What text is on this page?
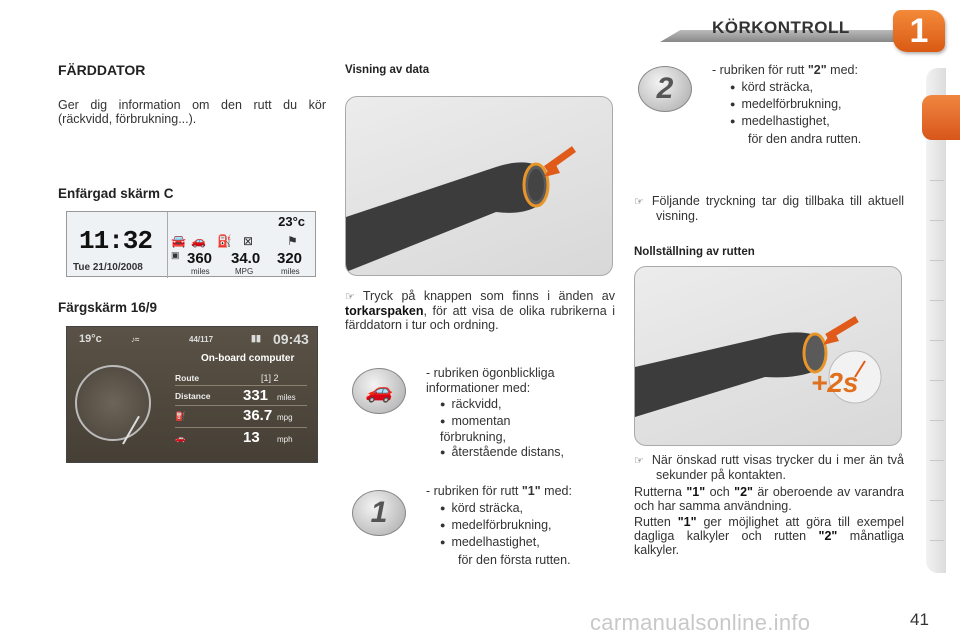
KÖRKONTROLL	1
FÄRDDATOR
Ger dig information om den rutt du kör (räckvidd, förbrukning...).
Enfärgad skärm C
11:32
Tue 21/10/2008
23°c
🚘 🚗 ⛽ ⊠	⚑
▣ 360 34.0 320
miles	MPG	miles
Färgskärm 16/9
19°c	♪≈	44/117	▮▮ 09:43
On-board computer
Route	[1] 2
Distance 331 miles
⛽	36.7 mpg
🚗	13 mph
Visning av data
☞ Tryck på knappen som finns i änden av torkarspaken, för att visa de olika rubrikerna i färddatorn i tur och ordning.
🚗
- rubriken ögonblickliga informationer med:
● räckvidd,
● momentan förbrukning,
● återstående distans,
1
- rubriken för rutt "1" med:
● körd sträcka,
● medelförbrukning,
● medelhastighet,
för den första rutten.
2
- rubriken för rutt "2" med:
● körd sträcka,
● medelförbrukning,
● medelhastighet,
för den andra rutten.
☞ Följande tryckning tar dig tillbaka till aktuell visning.
Nollställning av rutten
+2s
☞ När önskad rutt visas trycker du i mer än två sekunder på kontakten.
Rutterna "1" och "2" är oberoende av varandra och har samma användning.
Rutten "1" ger möjlighet att göra till exempel dagliga kalkyler och rutten "2" månatliga kalkyler.
carmanualsonline.info	41
